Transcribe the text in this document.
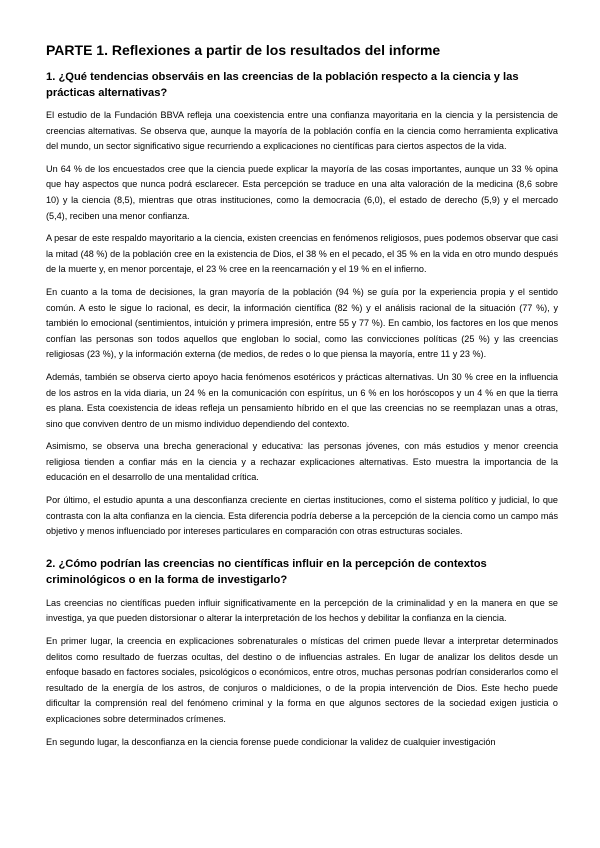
PARTE 1. Reflexiones a partir de los resultados del informe
1. ¿Qué tendencias observáis en las creencias de la población respecto a la ciencia y las prácticas alternativas?

El estudio de la Fundación BBVA refleja una coexistencia entre una confianza mayoritaria en la ciencia y la persistencia de creencias alternativas. Se observa que, aunque la mayoría de la población confía en la ciencia como herramienta explicativa del mundo, un sector significativo sigue recurriendo a explicaciones no científicas para ciertos aspectos de la vida.

Un 64 % de los encuestados cree que la ciencia puede explicar la mayoría de las cosas importantes, aunque un 33 % opina que hay aspectos que nunca podrá esclarecer. Esta percepción se traduce en una alta valoración de la medicina (8,6 sobre 10) y la ciencia (8,5), mientras que otras instituciones, como la democracia (6,0), el estado de derecho (5,9) y el mercado (5,4), reciben una menor confianza.

A pesar de este respaldo mayoritario a la ciencia, existen creencias en fenómenos religiosos, pues podemos observar que casi la mitad (48 %) de la población cree en la existencia de Dios, el 38 % en el pecado, el 35 % en la vida en otro mundo después de la muerte y, en menor porcentaje, el 23 % cree en la reencarnación y el 19 % en el infierno.

En cuanto a la toma de decisiones, la gran mayoría de la población (94 %) se guía por la experiencia propia y el sentido común. A esto le sigue lo racional, es decir, la información científica (82 %) y el análisis racional de la situación (77 %), y también lo emocional (sentimientos, intuición y primera impresión, entre 55 y 77 %). En cambio, los factores en los que menos confían las personas son todos aquellos que engloban lo social, como las convicciones políticas (25 %) y las creencias religiosas (23 %), y la información externa (de medios, de redes o lo que piensa la mayoría, entre 11 y 23 %).

Además, también se observa cierto apoyo hacia fenómenos esotéricos y prácticas alternativas. Un 30 % cree en la influencia de los astros en la vida diaria, un 24 % en la comunicación con espíritus, un 6 % en los horóscopos y un 4 % en que la tierra es plana. Esta coexistencia de ideas refleja un pensamiento híbrido en el que las creencias no se reemplazan unas a otras, sino que conviven dentro de un mismo individuo dependiendo del contexto.

Asimismo, se observa una brecha generacional y educativa: las personas jóvenes, con más estudios y menor creencia religiosa tienden a confiar más en la ciencia y a rechazar explicaciones alternativas. Esto muestra la importancia de la educación en el desarrollo de una mentalidad crítica.

Por último, el estudio apunta a una desconfianza creciente en ciertas instituciones, como el sistema político y judicial, lo que contrasta con la alta confianza en la ciencia. Esta diferencia podría deberse a la percepción de la ciencia como un campo más objetivo y menos influenciado por intereses particulares en comparación con otras estructuras sociales.

2. ¿Cómo podrían las creencias no científicas influir en la percepción de contextos criminológicos o en la forma de investigarlo?

Las creencias no científicas pueden influir significativamente en la percepción de la criminalidad y en la manera en que se investiga, ya que pueden distorsionar o alterar la interpretación de los hechos y debilitar la confianza en la ciencia.

En primer lugar, la creencia en explicaciones sobrenaturales o místicas del crimen puede llevar a interpretar determinados delitos como resultado de fuerzas ocultas, del destino o de influencias astrales. En lugar de analizar los delitos desde un enfoque basado en factores sociales, psicológicos o económicos, entre otros, muchas personas podrían considerarlos como el resultado de la energía de los astros, de conjuros o maldiciones, o de la propia intervención de Dios. Este hecho puede dificultar la comprensión real del fenómeno criminal y la forma en que algunos sectores de la sociedad exigen justicia o explicaciones sobre determinados crímenes.

En segundo lugar, la desconfianza en la ciencia forense puede condicionar la validez de cualquier investigación
